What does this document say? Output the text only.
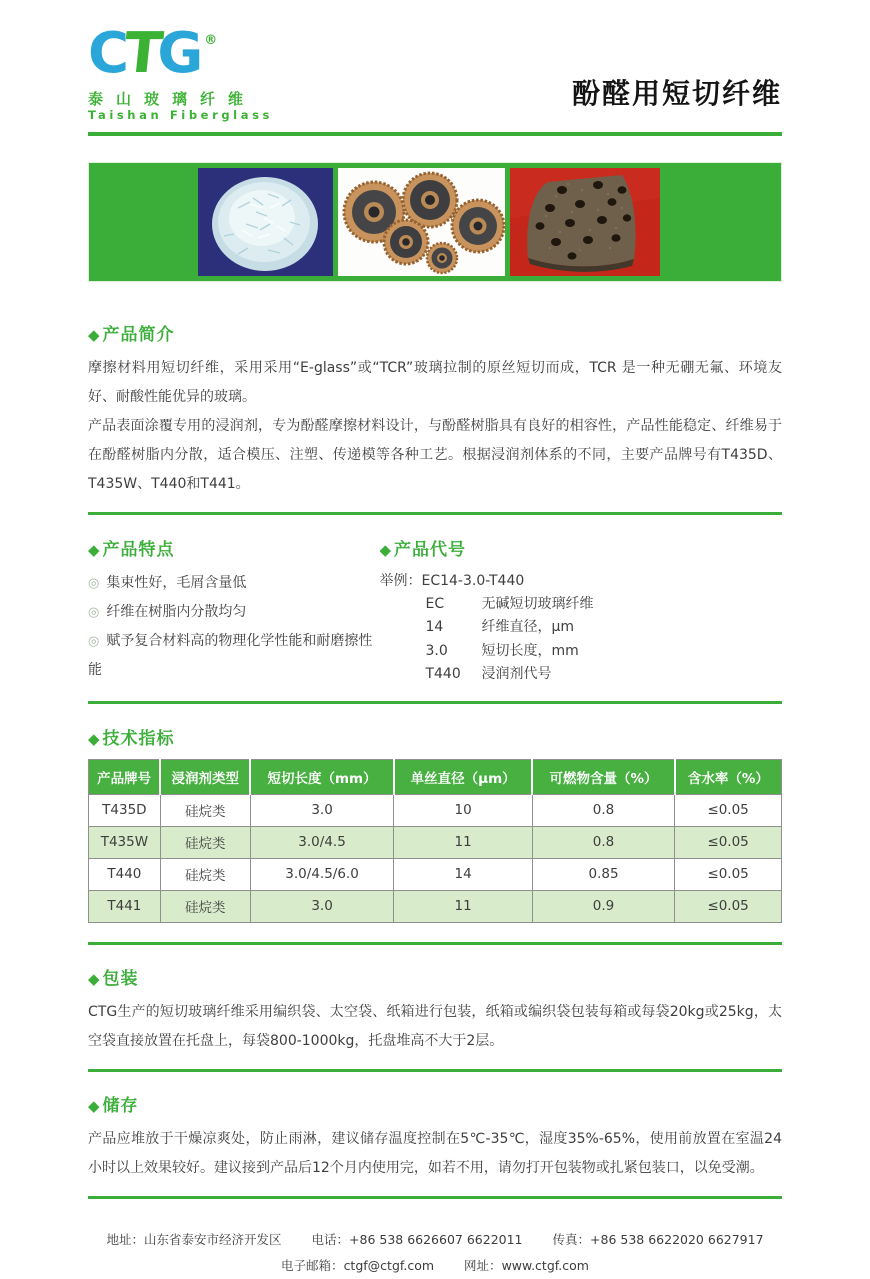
CTG ®
泰山玻璃纤维
Taishan Fiberglass
酚醛用短切纤维
◆ 产品简介

摩擦材料用短切纤维，采用采用“E-glass”或“TCR”玻璃拉制的原丝短切而成，TCR 是一种无硼无氟、环境友好、耐酸性能优异的玻璃。

产品表面涂覆专用的浸润剂，专为酚醛摩擦材料设计，与酚醛树脂具有良好的相容性，产品性能稳定、纤维易于在酚醛树脂内分散，适合模压、注塑、传递模等各种工艺。根据浸润剂体系的不同，主要产品牌号有T435D、T435W、T440和T441。

◆ 产品特点
◎ 集束性好，毛屑含量低
◎ 纤维在树脂内分散均匀
◎ 赋予复合材料高的物理化学性能和耐磨擦性能
◆ 产品代号
举例：EC14-3.0-T440
EC	无碱短切玻璃纤维
14	纤维直径，μm
3.0	短切长度，mm
T440	浸润剂代号
◆ 技术指标
产品牌号	浸润剂类型	短切长度（mm）	单丝直径（μm）	可燃物含量（%）	含水率（%）
T435D	硅烷类	3.0	10	0.8	≤0.05
T435W	硅烷类	3.0/4.5	11	0.8	≤0.05
T440	硅烷类	3.0/4.5/6.0	14	0.85	≤0.05
T441	硅烷类	3.0	11	0.9	≤0.05
◆ 包装

CTG生产的短切玻璃纤维采用编织袋、太空袋、纸箱进行包装，纸箱或编织袋包装每箱或每袋20kg或25kg，太空袋直接放置在托盘上，每袋800-1000kg，托盘堆高不大于2层。

◆ 储存

产品应堆放于干燥凉爽处，防止雨淋，建议储存温度控制在5℃-35℃，湿度35%-65%，使用前放置在室温24小时以上效果较好。建议接到产品后12个月内使用完，如若不用，请勿打开包装物或扎紧包装口，以免受潮。

地址：山东省泰安市经济开发区 电话：+86 538 6626607 6622011 传真：+86 538 6622020 6627917
电子邮箱：ctgf@ctgf.com 网址：www.ctgf.com
